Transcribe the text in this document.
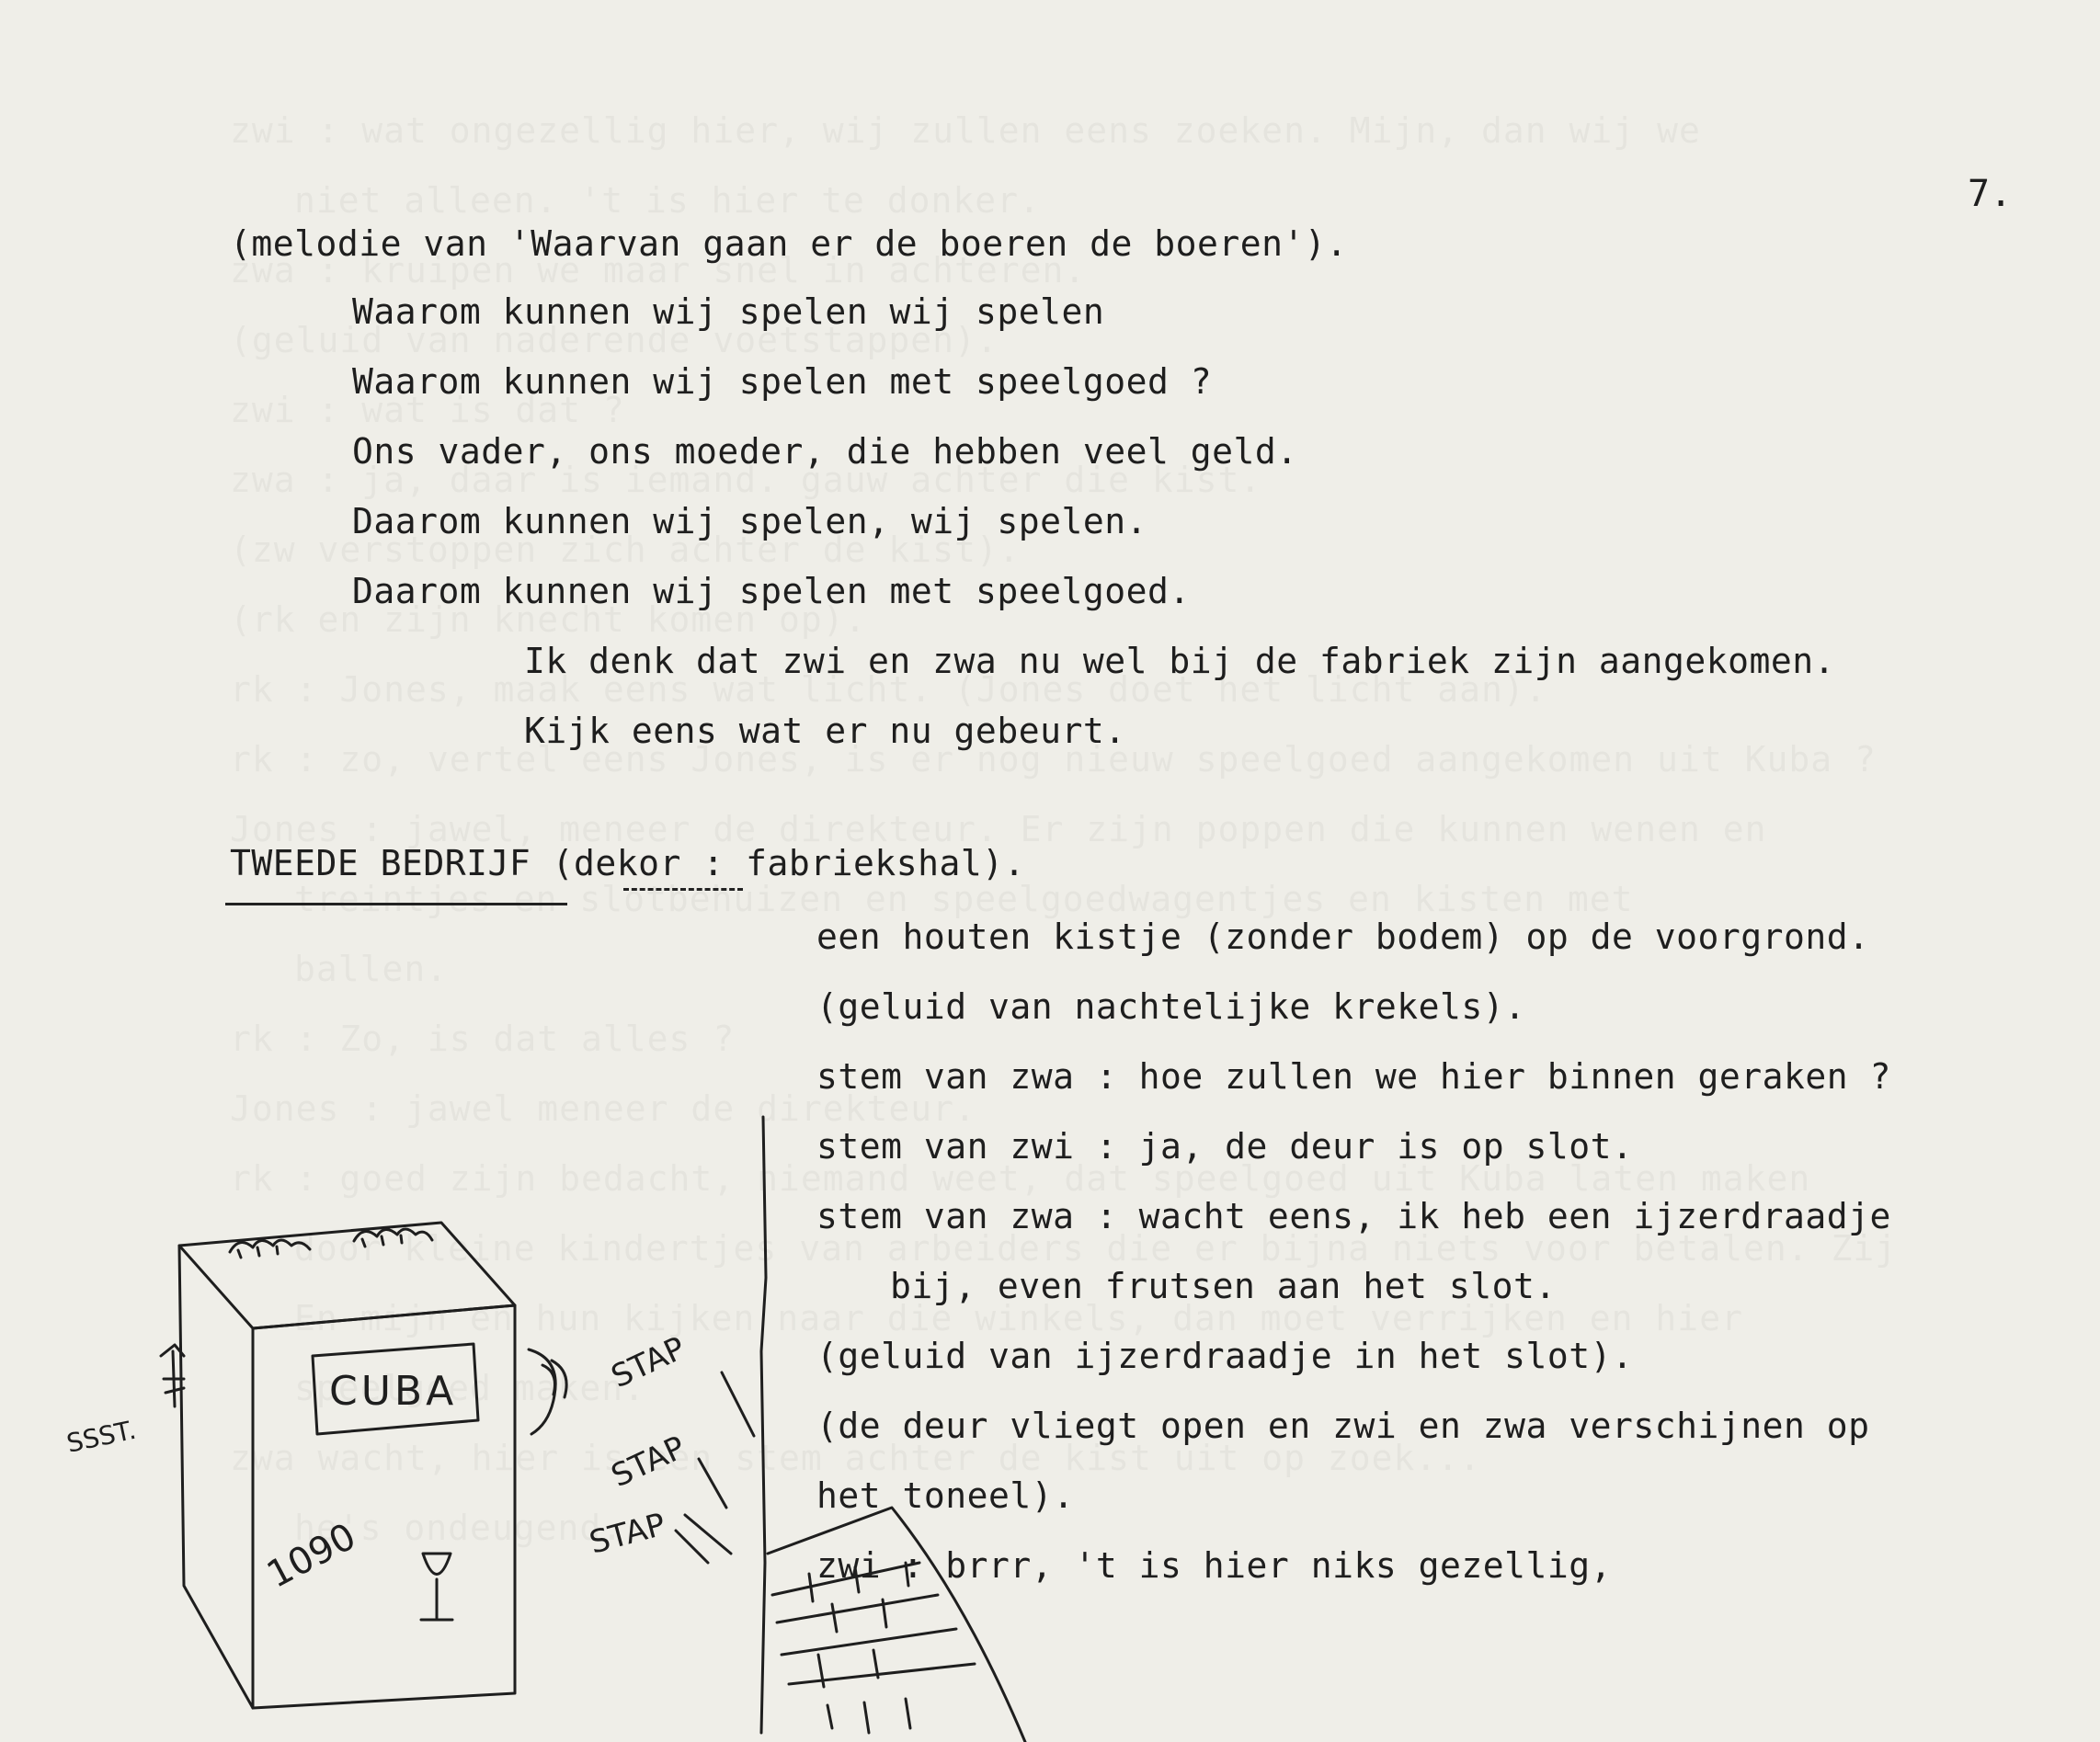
7.
(melodie van 'Waarvan gaan er de boeren de boeren').
Waarom kunnen wij spelen wij spelen
Waarom kunnen wij spelen met speelgoed ?
Ons vader, ons moeder, die hebben veel geld.
Daarom kunnen wij spelen, wij spelen.
Daarom kunnen wij spelen met speelgoed.
Ik denk dat zwi en zwa nu wel bij de fabriek zijn aangekomen.
Kijk eens wat er nu gebeurt.
TWEEDE BEDRIJF (dekor : fabriekshal).
een houten kistje (zonder bodem) op de voorgrond.
(geluid van nachtelijke krekels).
stem van zwa : hoe zullen we hier binnen geraken ?
stem van zwi : ja, de deur is op slot.
stem van zwa : wacht eens, ik heb een ijzerdraadje
bij, even frutsen aan het slot.
(geluid van ijzerdraadje in het slot).
(de deur vliegt open en zwi en zwa verschijnen op
het toneel).
zwi : brrr, 't is hier niks gezellig,
CUBA
1090
SSST.
STAP
STAP
STAP
